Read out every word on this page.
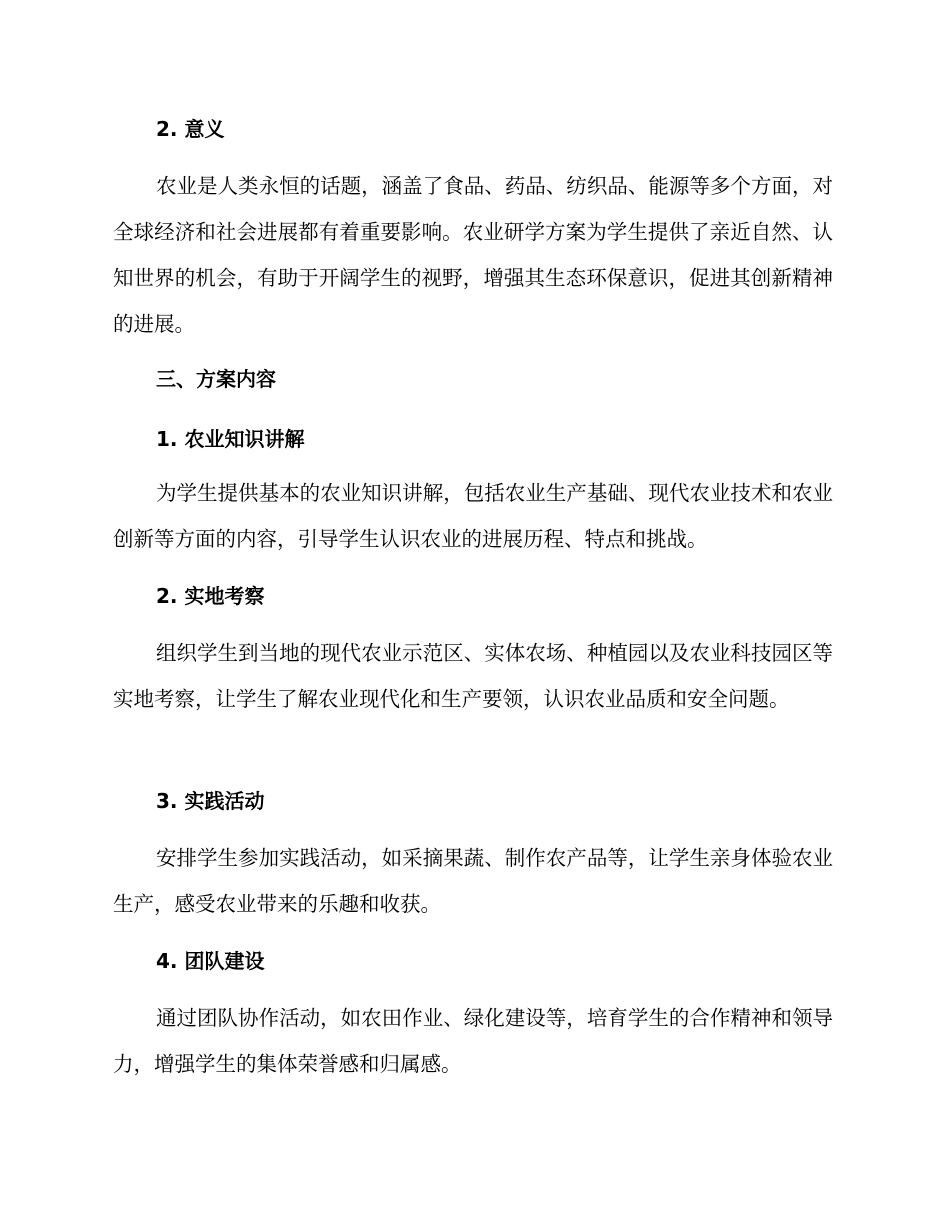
2. 意义

农业是人类永恒的话题，涵盖了食品、药品、纺织品、能源等多个方面，对全球经济和社会进展都有着重要影响。农业研学方案为学生提供了亲近自然、认知世界的机会，有助于开阔学生的视野，增强其生态环保意识，促进其创新精神的进展。

三、方案内容
1. 农业知识讲解

为学生提供基本的农业知识讲解，包括农业生产基础、现代农业技术和农业创新等方面的内容，引导学生认识农业的进展历程、特点和挑战。

2. 实地考察

组织学生到当地的现代农业示范区、实体农场、种植园以及农业科技园区等实地考察，让学生了解农业现代化和生产要领，认识农业品质和安全问题。

3. 实践活动

安排学生参加实践活动，如采摘果蔬、制作农产品等，让学生亲身体验农业生产，感受农业带来的乐趣和收获。

4. 团队建设

通过团队协作活动，如农田作业、绿化建设等，培育学生的合作精神和领导力，增强学生的集体荣誉感和归属感。
